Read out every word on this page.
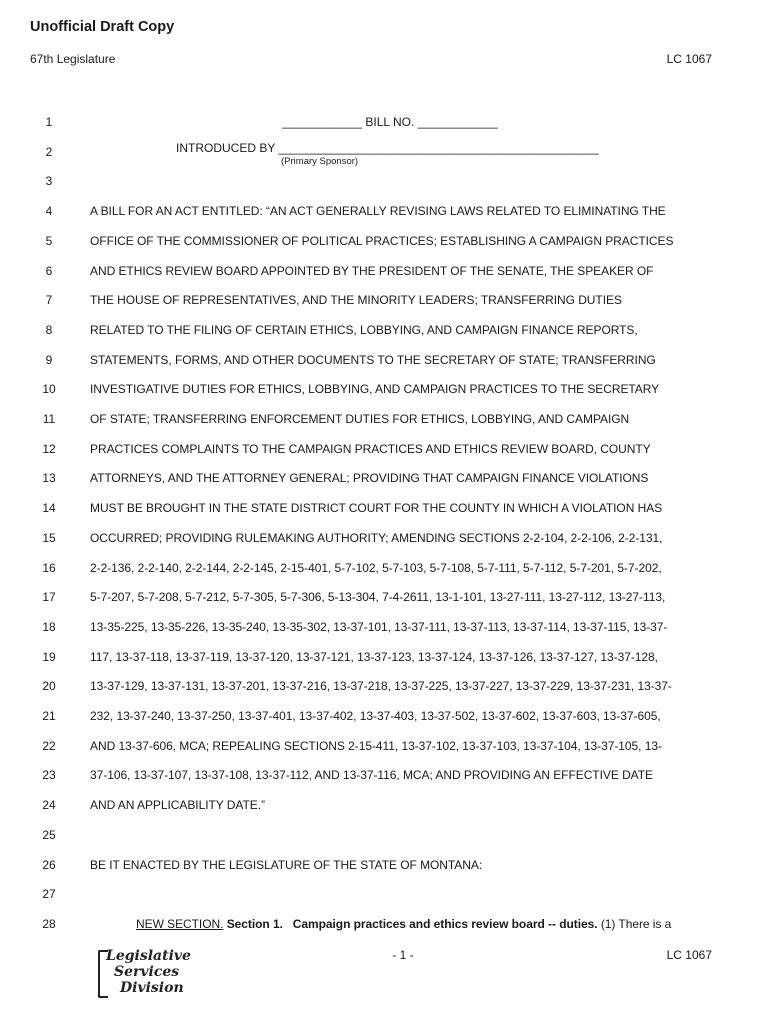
Unofficial Draft Copy
67th Legislature	LC 1067
1
2
3
4	A BILL FOR AN ACT ENTITLED: “AN ACT GENERALLY REVISING LAWS RELATED TO ELIMINATING THE
5	OFFICE OF THE COMMISSIONER OF POLITICAL PRACTICES; ESTABLISHING A CAMPAIGN PRACTICES
6	AND ETHICS REVIEW BOARD APPOINTED BY THE PRESIDENT OF THE SENATE, THE SPEAKER OF
7	THE HOUSE OF REPRESENTATIVES, AND THE MINORITY LEADERS; TRANSFERRING DUTIES
8	RELATED TO THE FILING OF CERTAIN ETHICS, LOBBYING, AND CAMPAIGN FINANCE REPORTS,
9	STATEMENTS, FORMS, AND OTHER DOCUMENTS TO THE SECRETARY OF STATE; TRANSFERRING
10	INVESTIGATIVE DUTIES FOR ETHICS, LOBBYING, AND CAMPAIGN PRACTICES TO THE SECRETARY
11	OF STATE; TRANSFERRING ENFORCEMENT DUTIES FOR ETHICS, LOBBYING, AND CAMPAIGN
12	PRACTICES COMPLAINTS TO THE CAMPAIGN PRACTICES AND ETHICS REVIEW BOARD, COUNTY
13	ATTORNEYS, AND THE ATTORNEY GENERAL; PROVIDING THAT CAMPAIGN FINANCE VIOLATIONS
14	MUST BE BROUGHT IN THE STATE DISTRICT COURT FOR THE COUNTY IN WHICH A VIOLATION HAS
15	OCCURRED; PROVIDING RULEMAKING AUTHORITY; AMENDING SECTIONS 2-2-104, 2-2-106, 2-2-131,
16	2-2-136, 2-2-140, 2-2-144, 2-2-145, 2-15-401, 5-7-102, 5-7-103, 5-7-108, 5-7-111, 5-7-112, 5-7-201, 5-7-202,
17	5-7-207, 5-7-208, 5-7-212, 5-7-305, 5-7-306, 5-13-304, 7-4-2611, 13-1-101, 13-27-111, 13-27-112, 13-27-113,
18	13-35-225, 13-35-226, 13-35-240, 13-35-302, 13-37-101, 13-37-111, 13-37-113, 13-37-114, 13-37-115, 13-37-
19	117, 13-37-118, 13-37-119, 13-37-120, 13-37-121, 13-37-123, 13-37-124, 13-37-126, 13-37-127, 13-37-128,
20	13-37-129, 13-37-131, 13-37-201, 13-37-216, 13-37-218, 13-37-225, 13-37-227, 13-37-229, 13-37-231, 13-37-
21	232, 13-37-240, 13-37-250, 13-37-401, 13-37-402, 13-37-403, 13-37-502, 13-37-602, 13-37-603, 13-37-605,
22	AND 13-37-606, MCA; REPEALING SECTIONS 2-15-411, 13-37-102, 13-37-103, 13-37-104, 13-37-105, 13-
23	37-106, 13-37-107, 13-37-108, 13-37-112, AND 13-37-116, MCA; AND PROVIDING AN EFFECTIVE DATE
24	AND AN APPLICABILITY DATE.”
25
26	BE IT ENACTED BY THE LEGISLATURE OF THE STATE OF MONTANA:
27
28
____________ BILL NO. ____________
INTRODUCED BY ________________________________________________
(Primary Sponsor)
NEW SECTION. Section 1. Campaign practices and ethics review board -- duties. (1) There is a
Legislative
Services
Division
- 1 -	LC 1067
